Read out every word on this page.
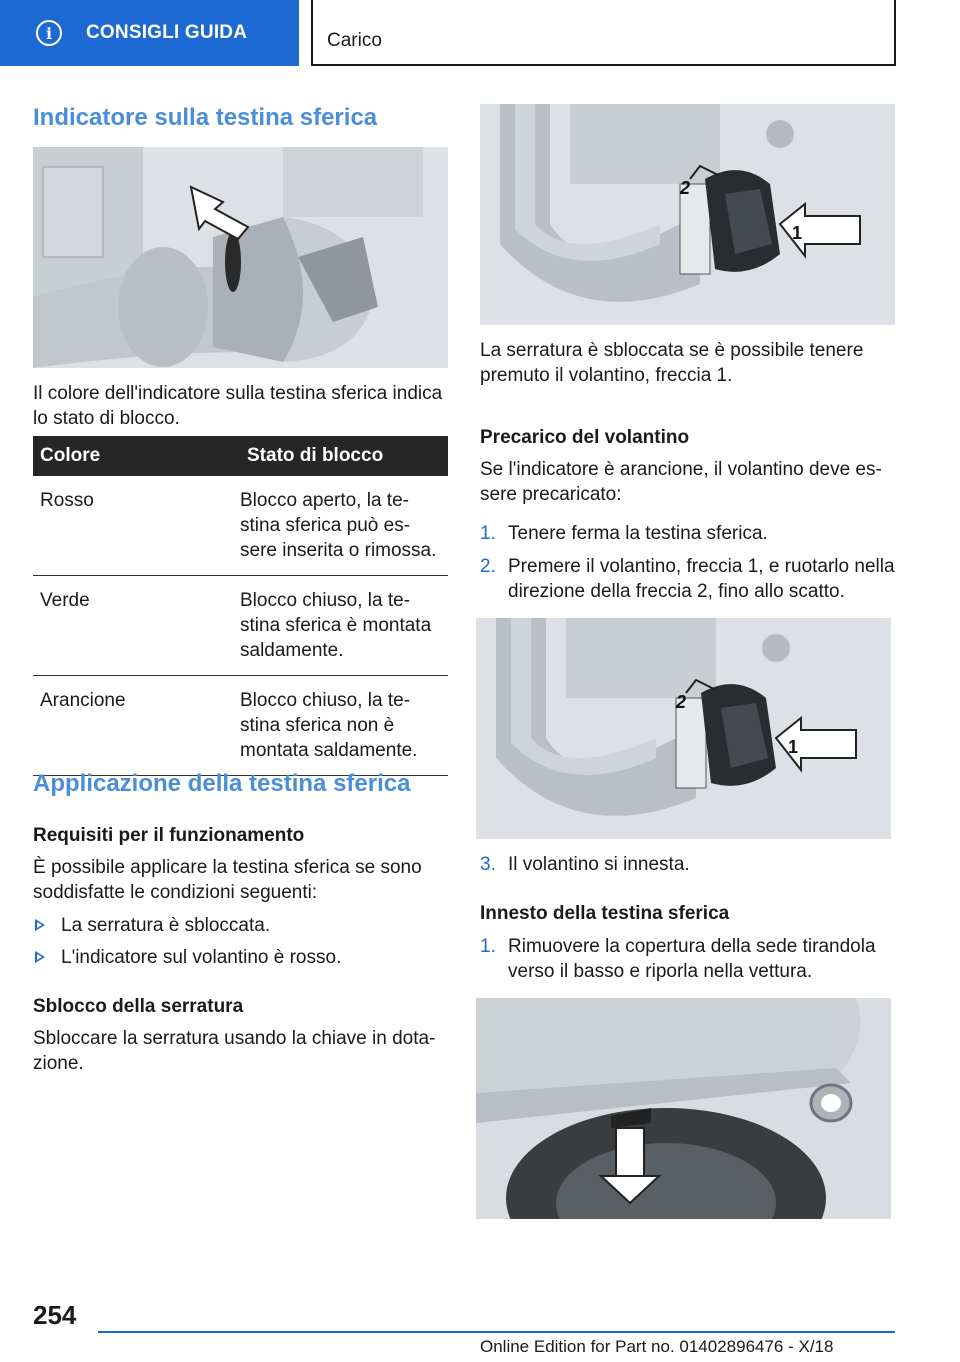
i CONSIGLI GUIDA	Carico
Indicatore sulla testina sferica
Il colore dell'indicatore sulla testina sferica indica
lo stato di blocco.
Colore	Stato di blocco
Rosso	Blocco aperto, la te-
stina sferica può es-
sere inserita o rimossa.

Verde	Blocco chiuso, la te-
stina sferica è montata
saldamente.

Arancione	Blocco chiuso, la te-
stina sferica non è
montata saldamente.
Applicazione della testina sferica
Requisiti per il funzionamento
È possibile applicare la testina sferica se sono
soddisfatte le condizioni seguenti:
La serratura è sbloccata.
L'indicatore sul volantino è rosso.
Sblocco della serratura
Sbloccare la serratura usando la chiave in dota-
zione.
1
2
La serratura è sbloccata se è possibile tenere
premuto il volantino, freccia 1.
Precarico del volantino
Se l'indicatore è arancione, il volantino deve es-
sere precaricato:
1. Tenere ferma la testina sferica.
2. Premere il volantino, freccia 1, e ruotarlo nella
direzione della freccia 2, fino allo scatto.
1
2
3. Il volantino si innesta.
Innesto della testina sferica
1. Rimuovere la copertura della sede tirandola
verso il basso e riporla nella vettura.
254
Online Edition for Part no. 01402896476 - X/18
